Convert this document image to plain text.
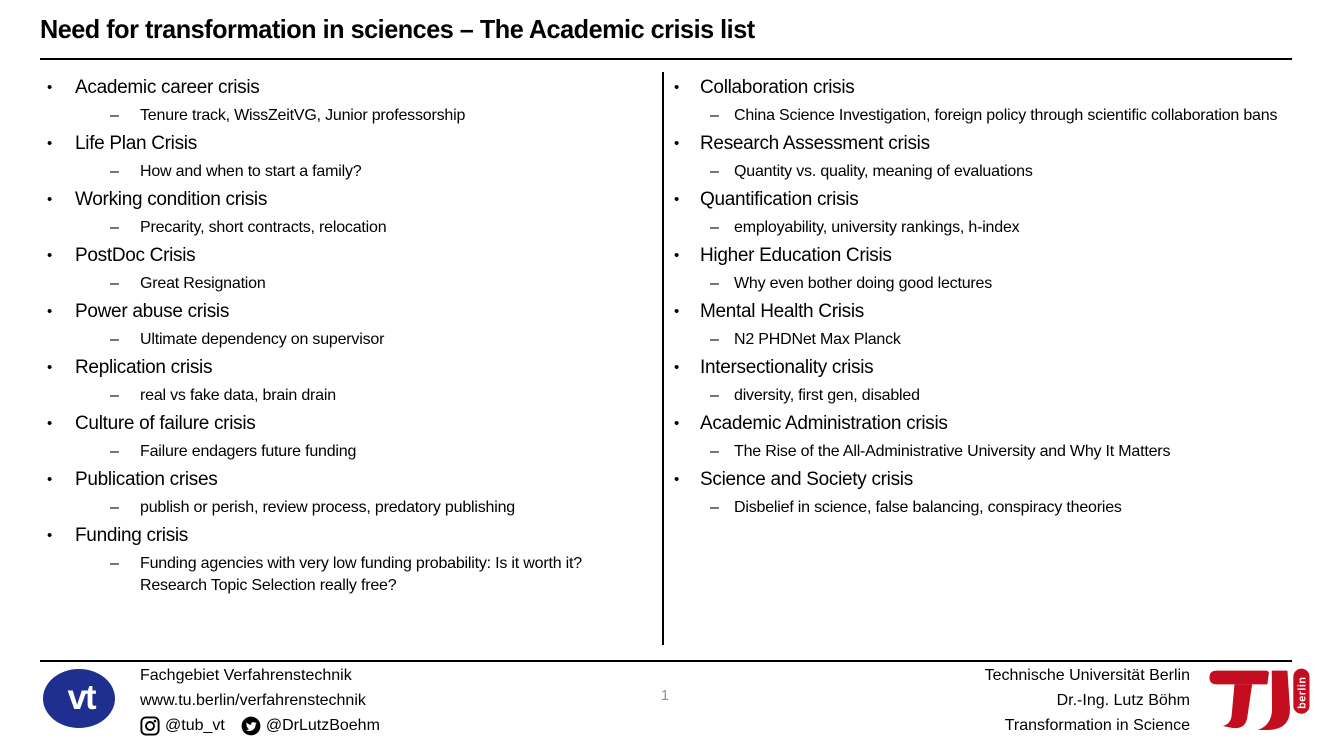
Need for transformation in sciences – The Academic crisis list
•	Academic career crisis
–	Tenure track, WissZeitVG, Junior professorship
•	Life Plan Crisis
–	How and when to start a family?
•	Working condition crisis
–	Precarity, short contracts, relocation
•	PostDoc Crisis
–	Great Resignation
•	Power abuse crisis
–	Ultimate dependency on supervisor
•	Replication crisis
–	real vs fake data, brain drain
•	Culture of failure crisis
–	Failure endagers future funding
•	Publication crises
–	publish or perish, review process, predatory publishing
•	Funding crisis
–	Funding agencies with very low funding probability: Is it worth it? Research Topic Selection really free?
•	Collaboration crisis
– China Science Investigation, foreign policy through scientific collaboration bans
•	Research Assessment crisis
– Quantity vs. quality, meaning of evaluations
•	Quantification crisis
– employability, university rankings, h-index
•	Higher Education Crisis
– Why even bother doing good lectures
•	Mental Health Crisis
– N2 PHDNet Max Planck
•	Intersectionality crisis
– diversity, first gen, disabled
•	Academic Administration crisis
– The Rise of the All-Administrative University and Why It Matters
•	Science and Society crisis
– Disbelief in science, false balancing, conspiracy theories
vt
Fachgebiet Verfahrenstechnik
www.tu.berlin/verfahrenstechnik
@tub_vt	@DrLutzBoehm
1
Technische Universität Berlin
Dr.-Ing. Lutz Böhm
Transformation in Science
berlin
